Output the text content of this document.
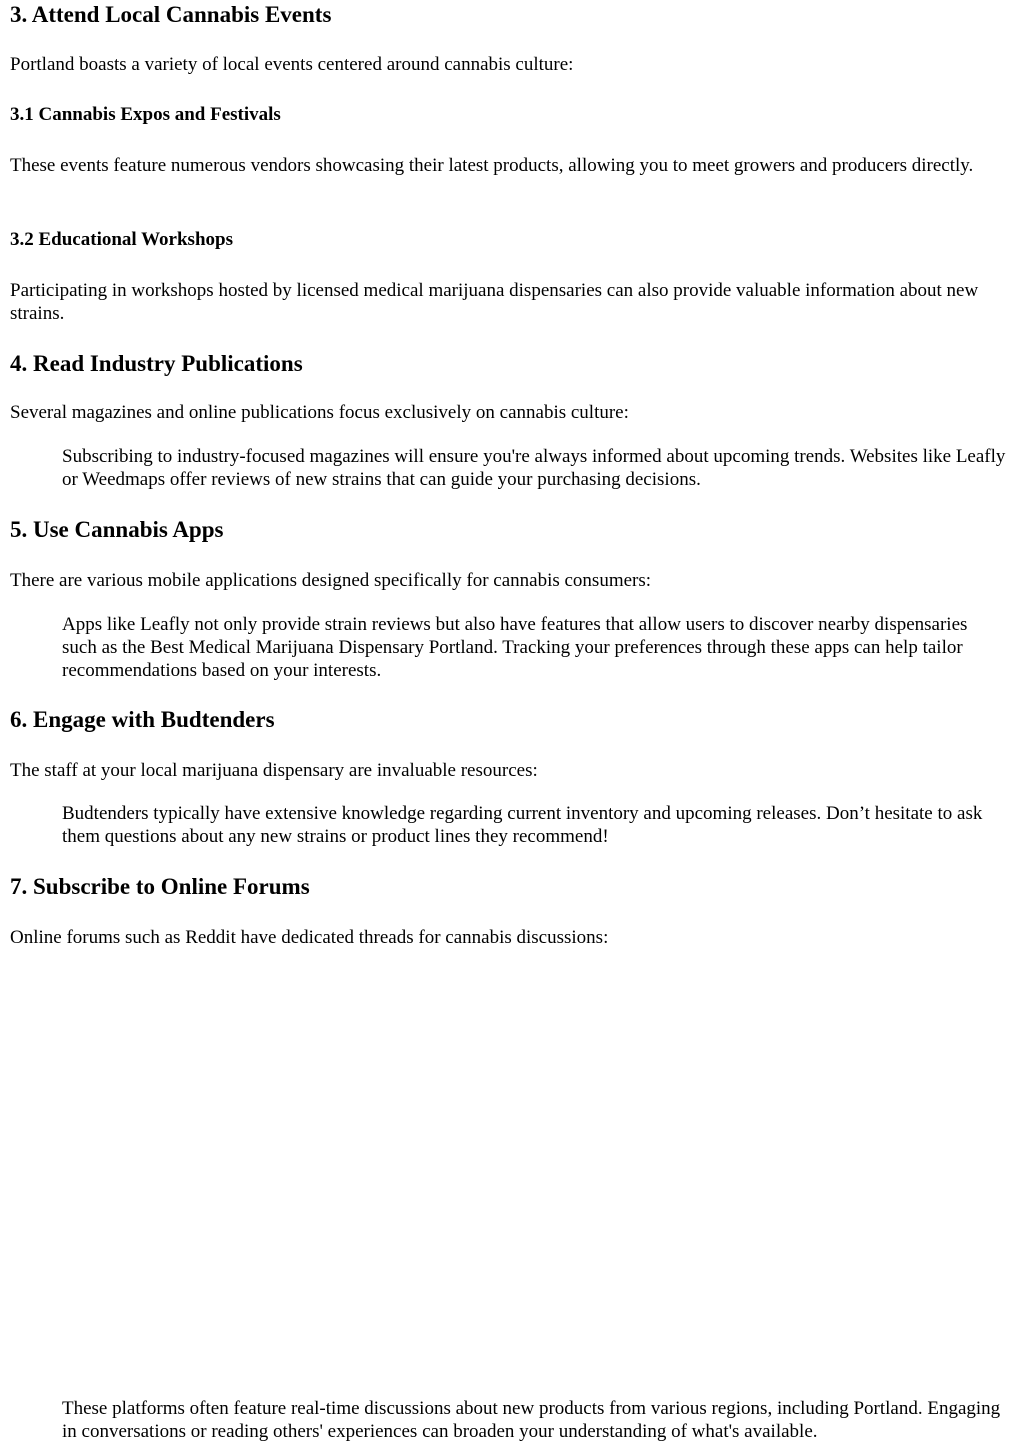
3. Attend Local Cannabis Events

Portland boasts a variety of local events centered around cannabis culture:

3.1 Cannabis Expos and Festivals

These events feature numerous vendors showcasing their latest products, allowing you to meet growers and producers directly.

3.2 Educational Workshops

Participating in workshops hosted by licensed medical marijuana dispensaries can also provide valuable information about new strains.

4. Read Industry Publications

Several magazines and online publications focus exclusively on cannabis culture:

Subscribing to industry-focused magazines will ensure you're always informed about upcoming trends. Websites like Leafly or Weedmaps offer reviews of new strains that can guide your purchasing decisions.
5. Use Cannabis Apps

There are various mobile applications designed specifically for cannabis consumers:

Apps like Leafly not only provide strain reviews but also have features that allow users to discover nearby dispensaries such as the Best Medical Marijuana Dispensary Portland. Tracking your preferences through these apps can help tailor recommendations based on your interests.
6. Engage with Budtenders

The staff at your local marijuana dispensary are invaluable resources:

Budtenders typically have extensive knowledge regarding current inventory and upcoming releases. Don’t hesitate to ask them questions about any new strains or product lines they recommend!
7. Subscribe to Online Forums

Online forums such as Reddit have dedicated threads for cannabis discussions:

These platforms often feature real-time discussions about new products from various regions, including Portland. Engaging in conversations or reading others' experiences can broaden your understanding of what's available.
